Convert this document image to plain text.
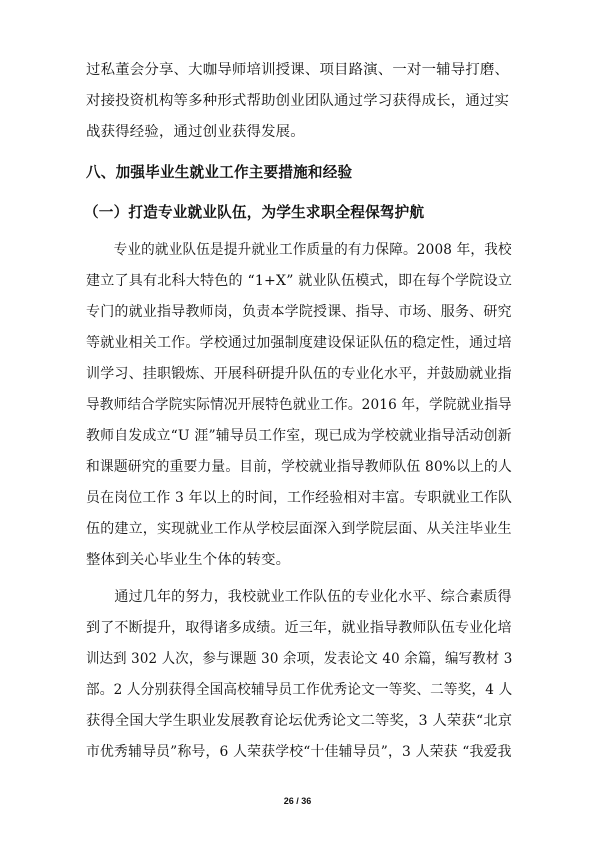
过私董会分享、大咖导师培训授课、项目路演、一对一辅导打磨、
对接投资机构等多种形式帮助创业团队通过学习获得成长，通过实
战获得经验，通过创业获得发展。
八、加强毕业生就业工作主要措施和经验
（一）打造专业就业队伍，为学生求职全程保驾护航
　　专业的就业队伍是提升就业工作质量的有力保障。2008 年，我校
建立了具有北科大特色的 “1+X” 就业队伍模式，即在每个学院设立
专门的就业指导教师岗，负责本学院授课、指导、市场、服务、研究
等就业相关工作。学校通过加强制度建设保证队伍的稳定性，通过培
训学习、挂职锻炼、开展科研提升队伍的专业化水平，并鼓励就业指
导教师结合学院实际情况开展特色就业工作。2016 年，学院就业指导
教师自发成立“U 涯”辅导员工作室，现已成为学校就业指导活动创新
和课题研究的重要力量。目前，学校就业指导教师队伍 80%以上的人
员在岗位工作 3 年以上的时间，工作经验相对丰富。专职就业工作队
伍的建立，实现就业工作从学校层面深入到学院层面、从关注毕业生
整体到关心毕业生个体的转变。
　　通过几年的努力，我校就业工作队伍的专业化水平、综合素质得
到了不断提升，取得诸多成绩。近三年，就业指导教师队伍专业化培
训达到 302 人次，参与课题 30 余项，发表论文 40 余篇，编写教材 3
部。2 人分别获得全国高校辅导员工作优秀论文一等奖、二等奖，4 人
获得全国大学生职业发展教育论坛优秀论文二等奖，3 人荣获“北京
市优秀辅导员”称号，6 人荣获学校“十佳辅导员”，3 人荣获 “我爱我
26 / 36
